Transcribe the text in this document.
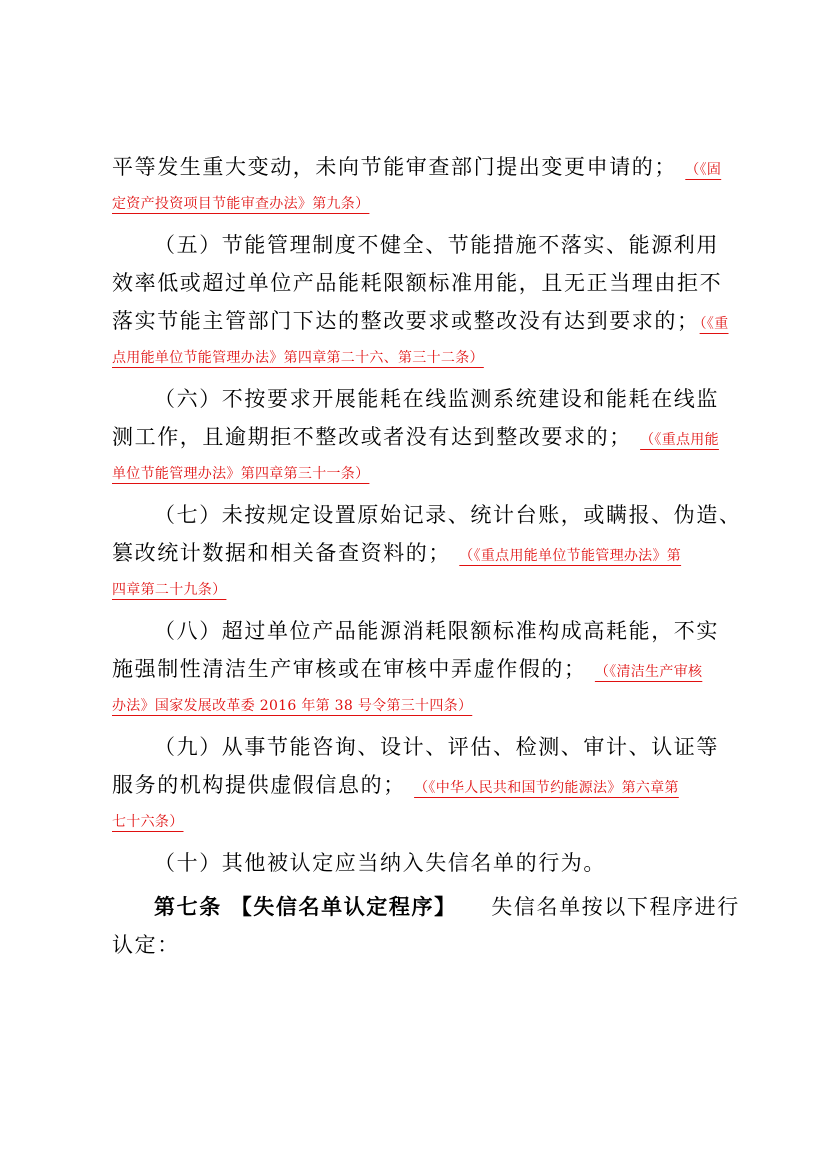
平等发生重大变动，未向节能审查部门提出变更申请的； （《固
定资产投资项目节能审查办法》第九条）
（五）节能管理制度不健全、节能措施不落实、能源利用
效率低或超过单位产品能耗限额标准用能，且无正当理由拒不
落实节能主管部门下达的整改要求或整改没有达到要求的；（《重
点用能单位节能管理办法》第四章第二十六、第三十二条）
（六）不按要求开展能耗在线监测系统建设和能耗在线监
测工作，且逾期拒不整改或者没有达到整改要求的； （《重点用能
单位节能管理办法》第四章第三十一条）
（七）未按规定设置原始记录、统计台账，或瞒报、伪造、
篡改统计数据和相关备查资料的； （《重点用能单位节能管理办法》第
四章第二十九条）
（八）超过单位产品能源消耗限额标准构成高耗能，不实
施强制性清洁生产审核或在审核中弄虚作假的； （《清洁生产审核
办法》国家发展改革委 2016 年第 38 号令第三十四条）
（九）从事节能咨询、设计、评估、检测、审计、认证等
服务的机构提供虚假信息的； （《中华人民共和国节约能源法》第六章第
七十六条）
（十）其他被认定应当纳入失信名单的行为。
第七条 【失信名单认定程序】 失信名单按以下程序进行
认定：
